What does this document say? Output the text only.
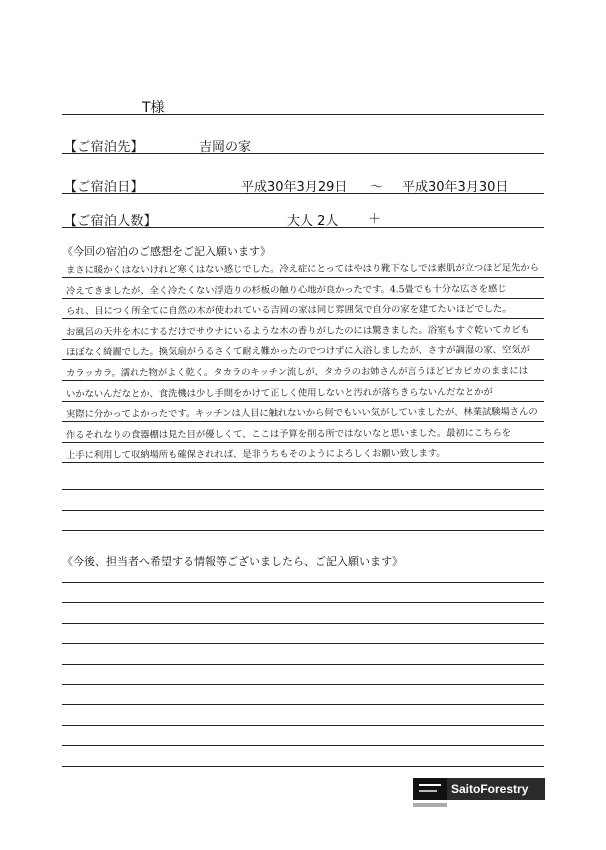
T様
【ご宿泊先】	吉岡の家
【ご宿泊日】	平成30年3月29日 ～ 平成30年3月30日
【ご宿泊人数】	大人 2人 ＋
《今回の宿泊のご感想をご記入願います》
まさに暖かくはないけれど寒くはない感じでした。冷え症にとってはやはり靴下なしでは素肌が立つほど足先から
冷えてきましたが、全く冷たくない浮造りの杉板の触り心地が良かったです。4.5畳でも十分な広さを感じ
られ、目につく所全てに自然の木が使われている吉岡の家は同じ雰囲気で自分の家を建てたいほどでした。
お風呂の天井を木にするだけでサウナにいるような木の香りがしたのには驚きました。浴室もすぐ乾いてカビも
ほぼなく綺麗でした。換気扇がうるさくて耐え難かったのでつけずに入浴しましたが、さすが調湿の家、空気が
カラッカラ。濡れた物がよく乾く。タカラのキッチン流しが、タカラのお姉さんが言うほどピカピカのままには
いかないんだなとか、食洗機は少し手間をかけて正しく使用しないと汚れが落ちきらないんだなとかが
実際に分かってよかったです。キッチンは人目に触れないから何でもいい気がしていましたが、林業試験場さんの
作るそれなりの食器棚は見た目が優しくて、ここは予算を削る所ではないなと思いました。最初にこちらを
上手に利用して収納場所も確保されれば、是非うちもそのようによろしくお願い致します。
《今後、担当者へ希望する情報等ございましたら、ご記入願います》
SaitoForestry
